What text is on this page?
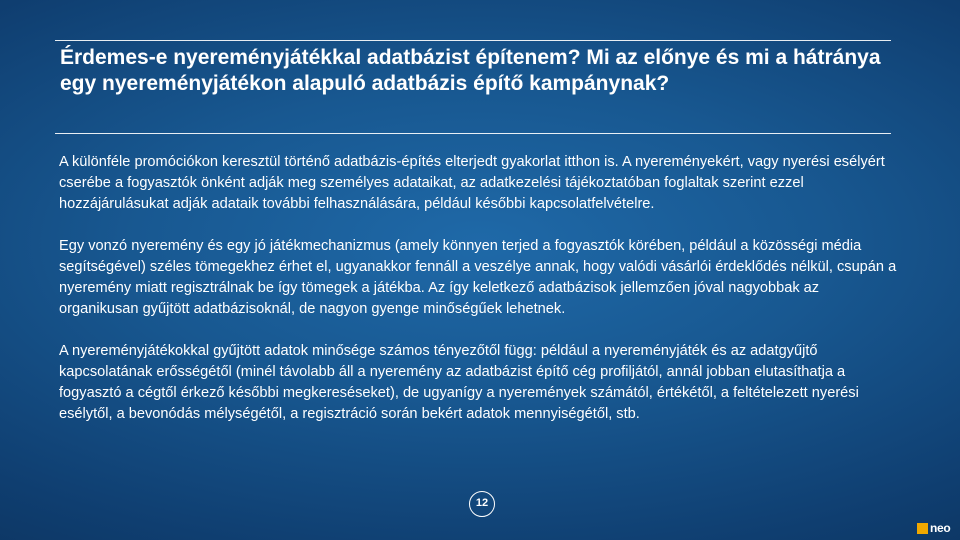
Érdemes-e nyereményjátékkal adatbázist építenem? Mi az előnye és mi a hátránya egy nyereményjátékon alapuló adatbázis építő kampánynak?

A különféle promóciókon keresztül történő adatbázis-építés elterjedt gyakorlat itthon is. A nyereményekért, vagy nyerési esélyért cserébe a fogyasztók önként adják meg személyes adataikat, az adatkezelési tájékoztatóban foglaltak szerint ezzel hozzájárulásukat adják adataik további felhasználására, például későbbi kapcsolatfelvételre.

Egy vonzó nyeremény és egy jó játékmechanizmus (amely könnyen terjed a fogyasztók körében, például a közösségi média segítségével) széles tömegekhez érhet el, ugyanakkor fennáll a veszélye annak, hogy valódi vásárlói érdeklődés nélkül, csupán a nyeremény miatt regisztrálnak be így tömegek a játékba. Az így keletkező adatbázisok jellemzően jóval nagyobbak az organikusan gyűjtött adatbázisoknál, de nagyon gyenge minőségűek lehetnek.

A nyereményjátékokkal gyűjtött adatok minősége számos tényezőtől függ: például a nyereményjáték és az adatgyűjtő kapcsolatának erősségétől (minél távolabb áll a nyeremény az adatbázist építő cég profiljától, annál jobban elutasíthatja a fogyasztó a cégtől érkező későbbi megkereséseket), de ugyanígy a nyeremények számától, értékétől, a feltételezett nyerési esélytől, a bevonódás mélységétől, a regisztráció során bekért adatok mennyiségétől, stb.

12
neo
